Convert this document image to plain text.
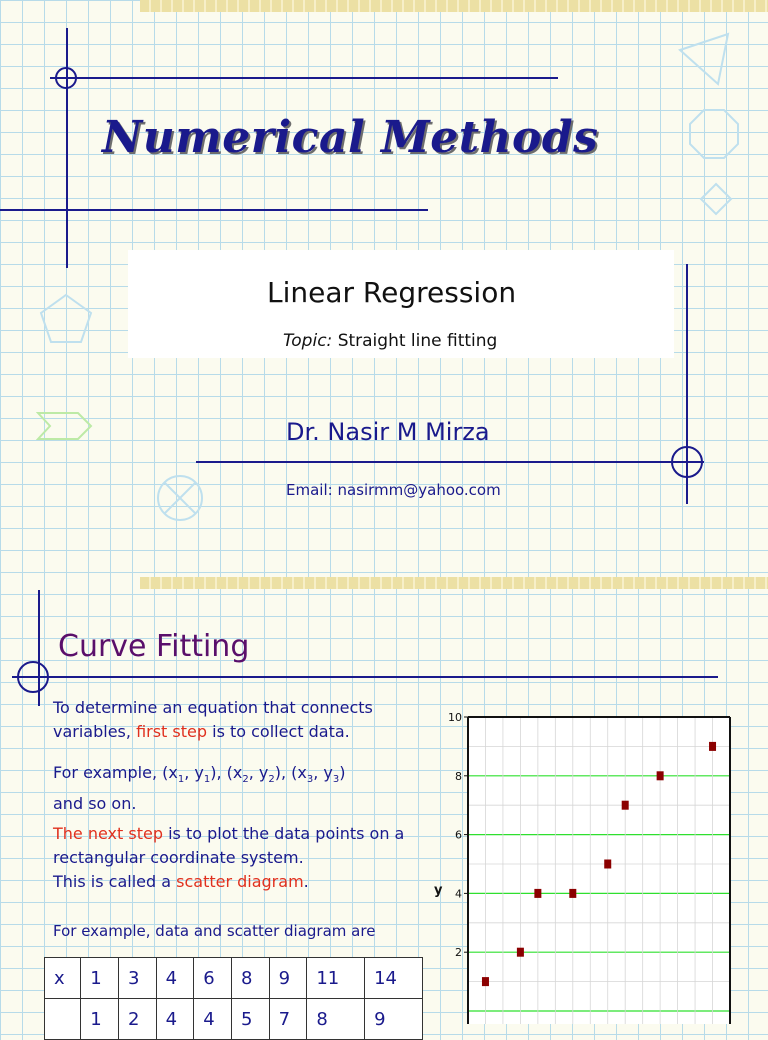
Numerical Methods
Linear Regression
Topic: Straight line fitting
Dr. Nasir M Mirza
Email: nasirmm@yahoo.com
Curve Fitting
To determine an equation that connects variables, first step is to collect data.
For example, ($x_1$, $y_1$), ($x_2$, $y_2$), ($x_3$, $y_3$)
and so on.
The next step is to plot the data points on a rectangular coordinate system.
This is called a scatter diagram.
For example, data and scatter diagram are
x	1	3	4	6	8	9	11	14
	1	2	4	4	5	7	8	9
10
8
6
4
2
y
